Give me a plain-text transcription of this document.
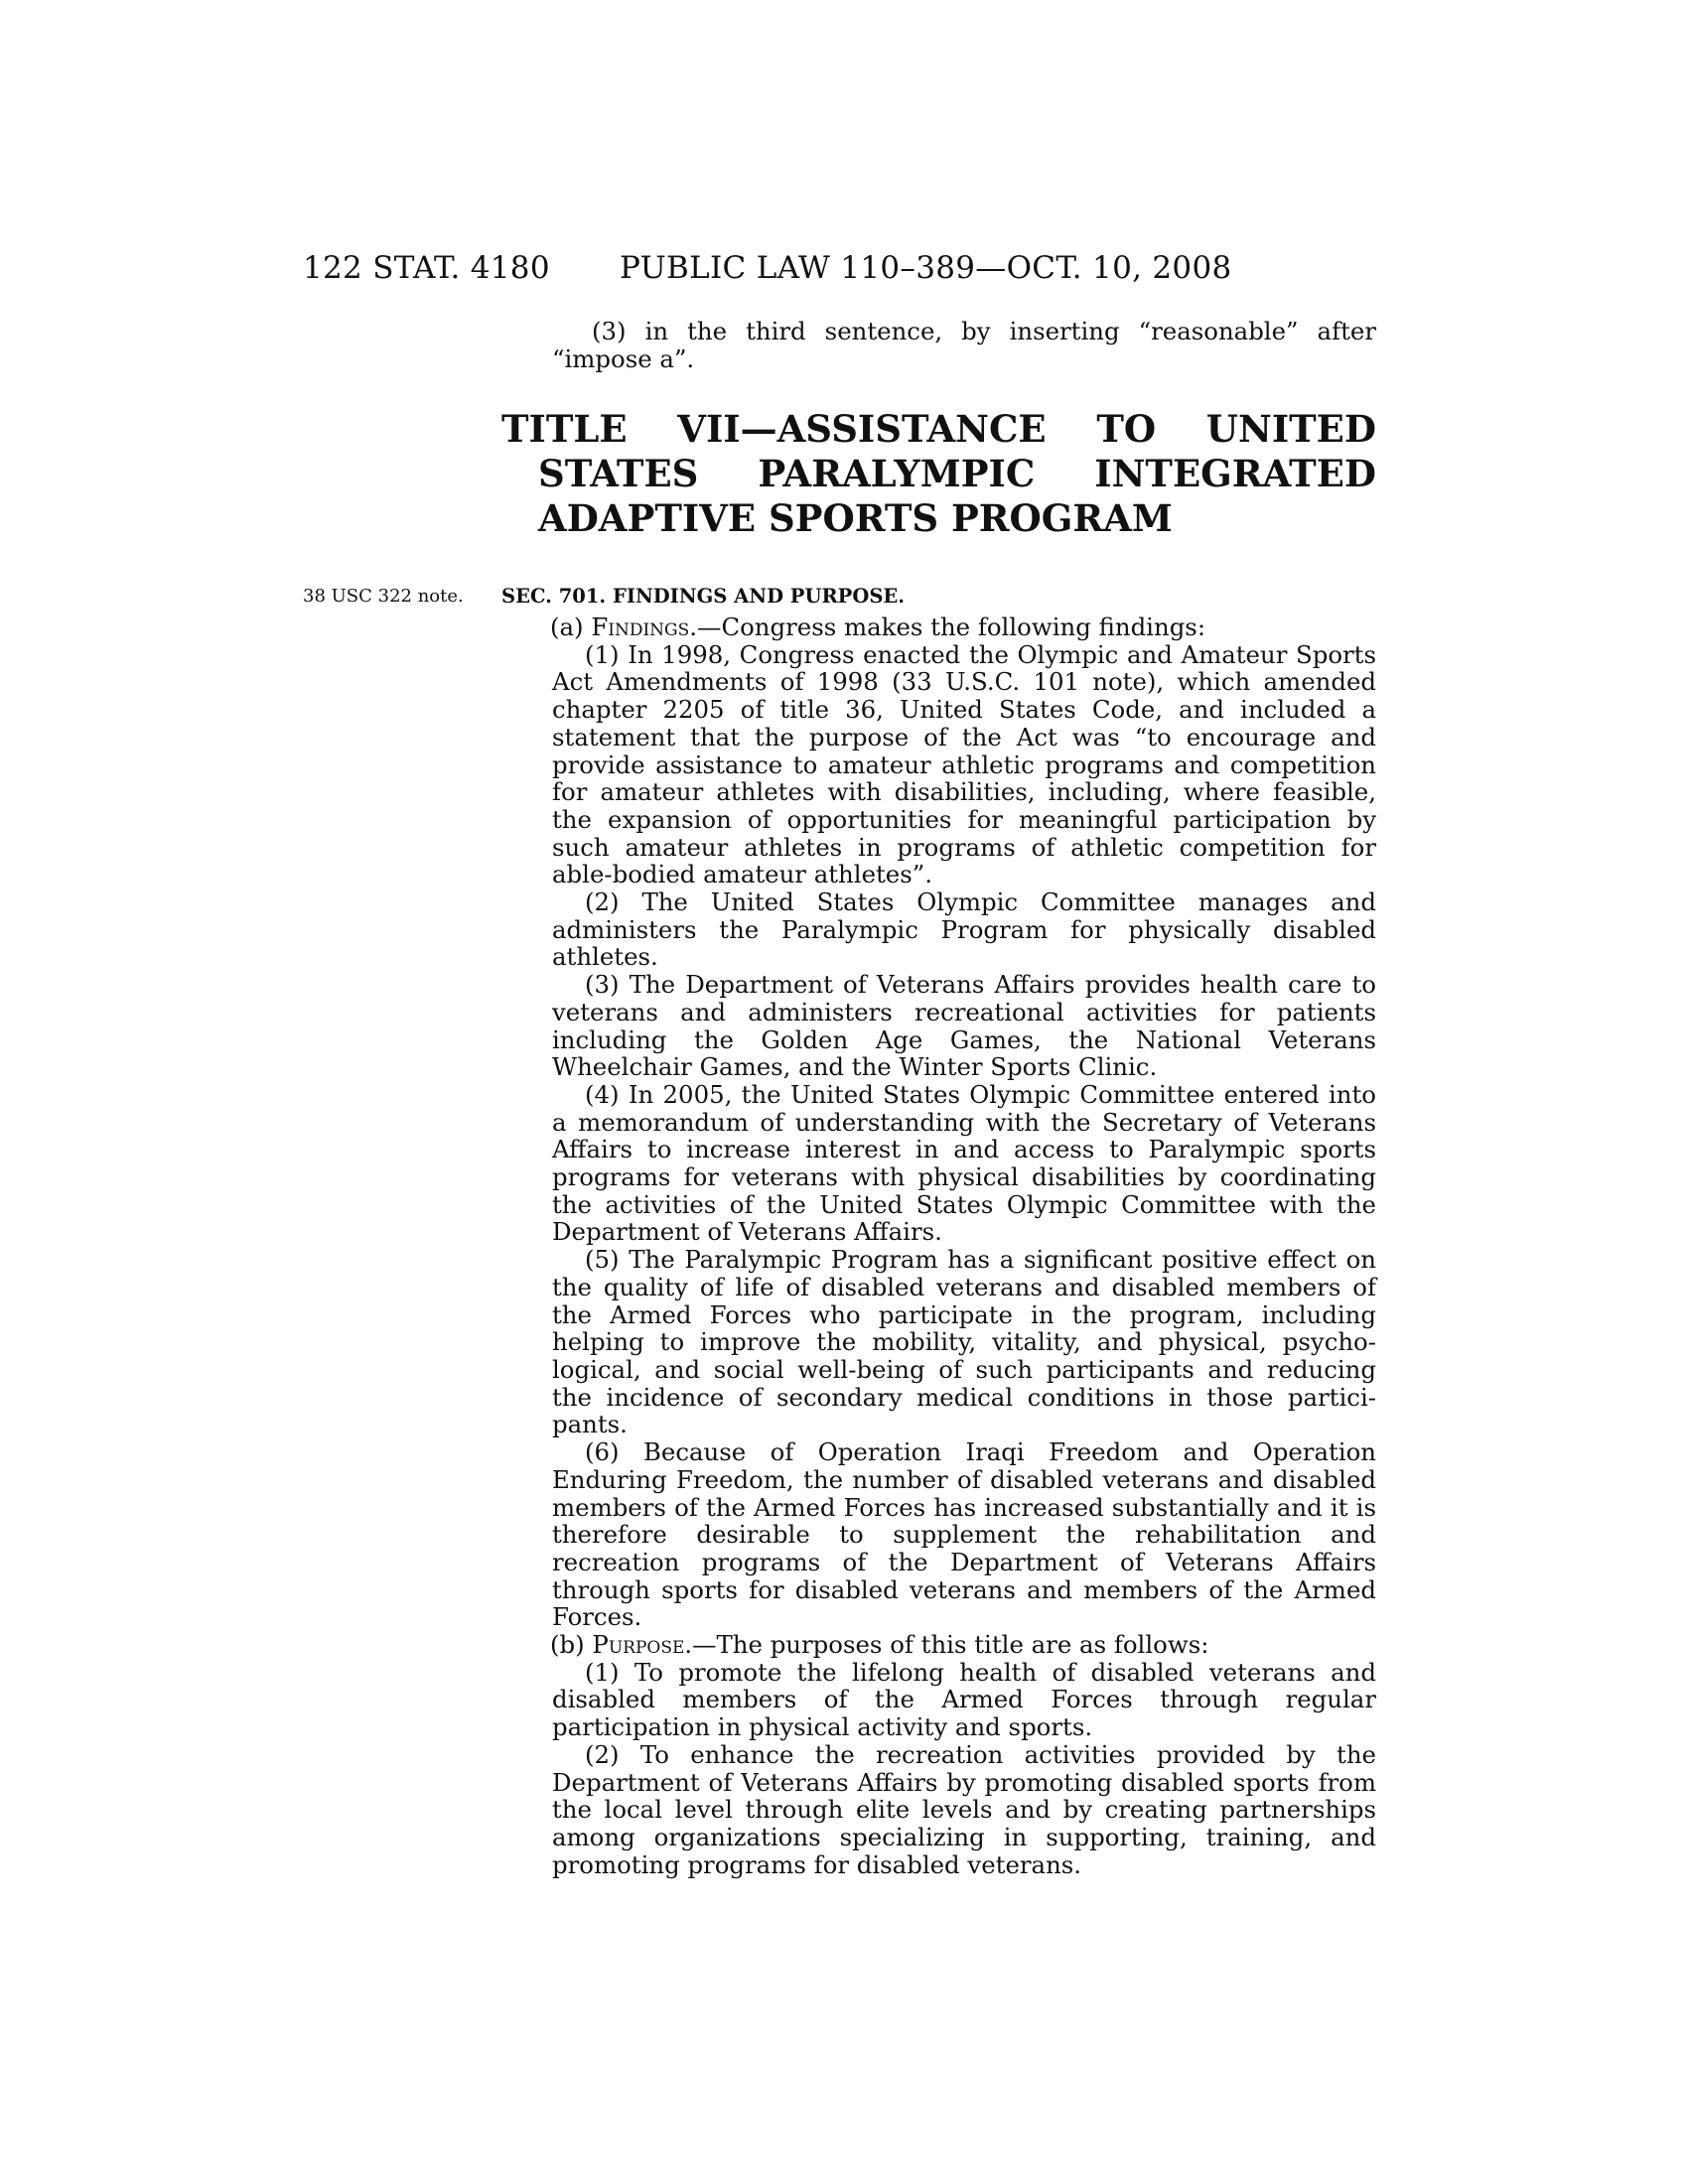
122 STAT. 4180 PUBLIC LAW 110–389—OCT. 10, 2008
(3) in the third sentence, by inserting “reasonable” after “impose a”.
TITLE VII—ASSISTANCE TO UNITED
STATES PARALYMPIC INTEGRATED
ADAPTIVE SPORTS PROGRAM
38 USC 322 note. SEC. 701. FINDINGS AND PURPOSE.

(a) Findings.—Congress makes the following findings:

(1) In 1998, Congress enacted the Olympic and Amateur Sports Act Amendments of 1998 (33 U.S.C. 101 note), which amended chapter 2205 of title 36, United States Code, and included a statement that the purpose of the Act was “to encourage and provide assistance to amateur athletic programs and competition for amateur athletes with disabilities, including, where feasible, the expansion of opportunities for meaningful participation by such amateur athletes in programs of athletic competition for able-bodied amateur athletes”.

(2) The United States Olympic Committee manages and administers the Paralympic Program for physically disabled athletes.

(3) The Department of Veterans Affairs provides health care to veterans and administers recreational activities for patients including the Golden Age Games, the National Veterans Wheelchair Games, and the Winter Sports Clinic.

(4) In 2005, the United States Olympic Committee entered into a memorandum of understanding with the Secretary of Veterans Affairs to increase interest in and access to Paralympic sports programs for veterans with physical disabilities by coordinating the activities of the United States Olympic Committee with the Department of Veterans Affairs.

(5) The Paralympic Program has a significant positive effect on the quality of life of disabled veterans and disabled members of the Armed Forces who participate in the program, including helping to improve the mobility, vitality, and physical, psychological, and social well-being of such participants and reducing the incidence of secondary medical conditions in those participants.

(6) Because of Operation Iraqi Freedom and Operation Enduring Freedom, the number of disabled veterans and disabled members of the Armed Forces has increased substantially and it is therefore desirable to supplement the rehabilitation and recreation programs of the Department of Veterans Affairs through sports for disabled veterans and members of the Armed Forces.

(b) Purpose.—The purposes of this title are as follows:

(1) To promote the lifelong health of disabled veterans and disabled members of the Armed Forces through regular participation in physical activity and sports.

(2) To enhance the recreation activities provided by the Department of Veterans Affairs by promoting disabled sports from the local level through elite levels and by creating partnerships among organizations specializing in supporting, training, and promoting programs for disabled veterans.
